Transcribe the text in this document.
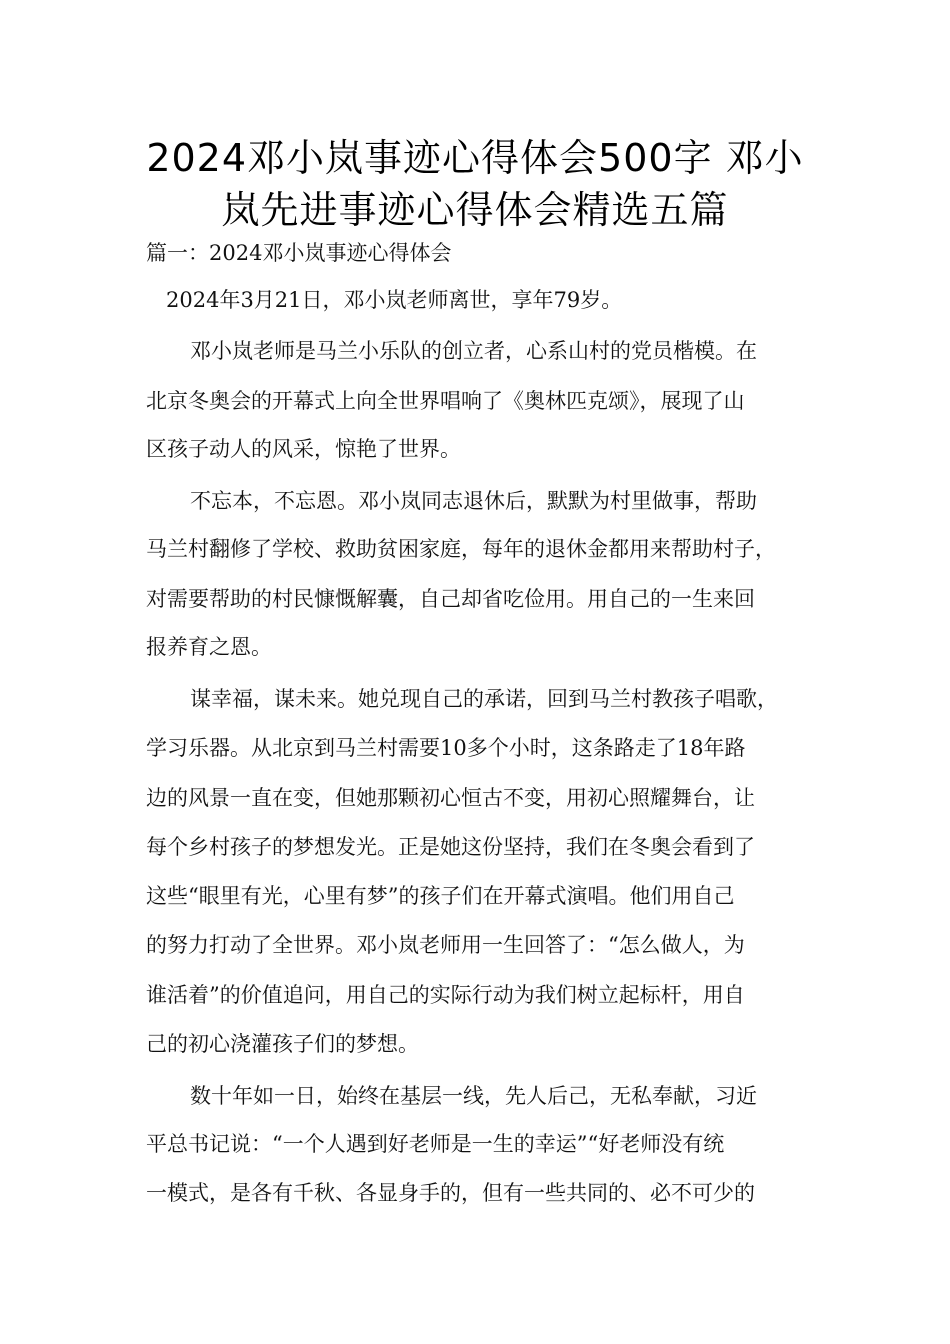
2024邓小岚事迹心得体会500字 邓小
岚先进事迹心得体会精选五篇

篇一：2024邓小岚事迹心得体会

2024年3月21日，邓小岚老师离世，享年79岁。

邓小岚老师是马兰小乐队的创立者，心系山村的党员楷模。在

北京冬奥会的开幕式上向全世界唱响了《奥林匹克颂》，展现了山

区孩子动人的风采，惊艳了世界。

不忘本，不忘恩。邓小岚同志退休后，默默为村里做事，帮助

马兰村翻修了学校、救助贫困家庭，每年的退休金都用来帮助村子，

对需要帮助的村民慷慨解囊，自己却省吃俭用。用自己的一生来回

报养育之恩。

谋幸福，谋未来。她兑现自己的承诺，回到马兰村教孩子唱歌，

学习乐器。从北京到马兰村需要10多个小时，这条路走了18年路

边的风景一直在变，但她那颗初心恒古不变，用初心照耀舞台，让

每个乡村孩子的梦想发光。正是她这份坚持，我们在冬奥会看到了

这些“眼里有光，心里有梦”的孩子们在开幕式演唱。他们用自己

的努力打动了全世界。邓小岚老师用一生回答了：“怎么做人，为

谁活着”的价值追问，用自己的实际行动为我们树立起标杆，用自

己的初心浇灌孩子们的梦想。

数十年如一日，始终在基层一线，先人后己，无私奉献，习近

平总书记说：“一个人遇到好老师是一生的幸运”“好老师没有统

一模式，是各有千秋、各显身手的，但有一些共同的、必不可少的
